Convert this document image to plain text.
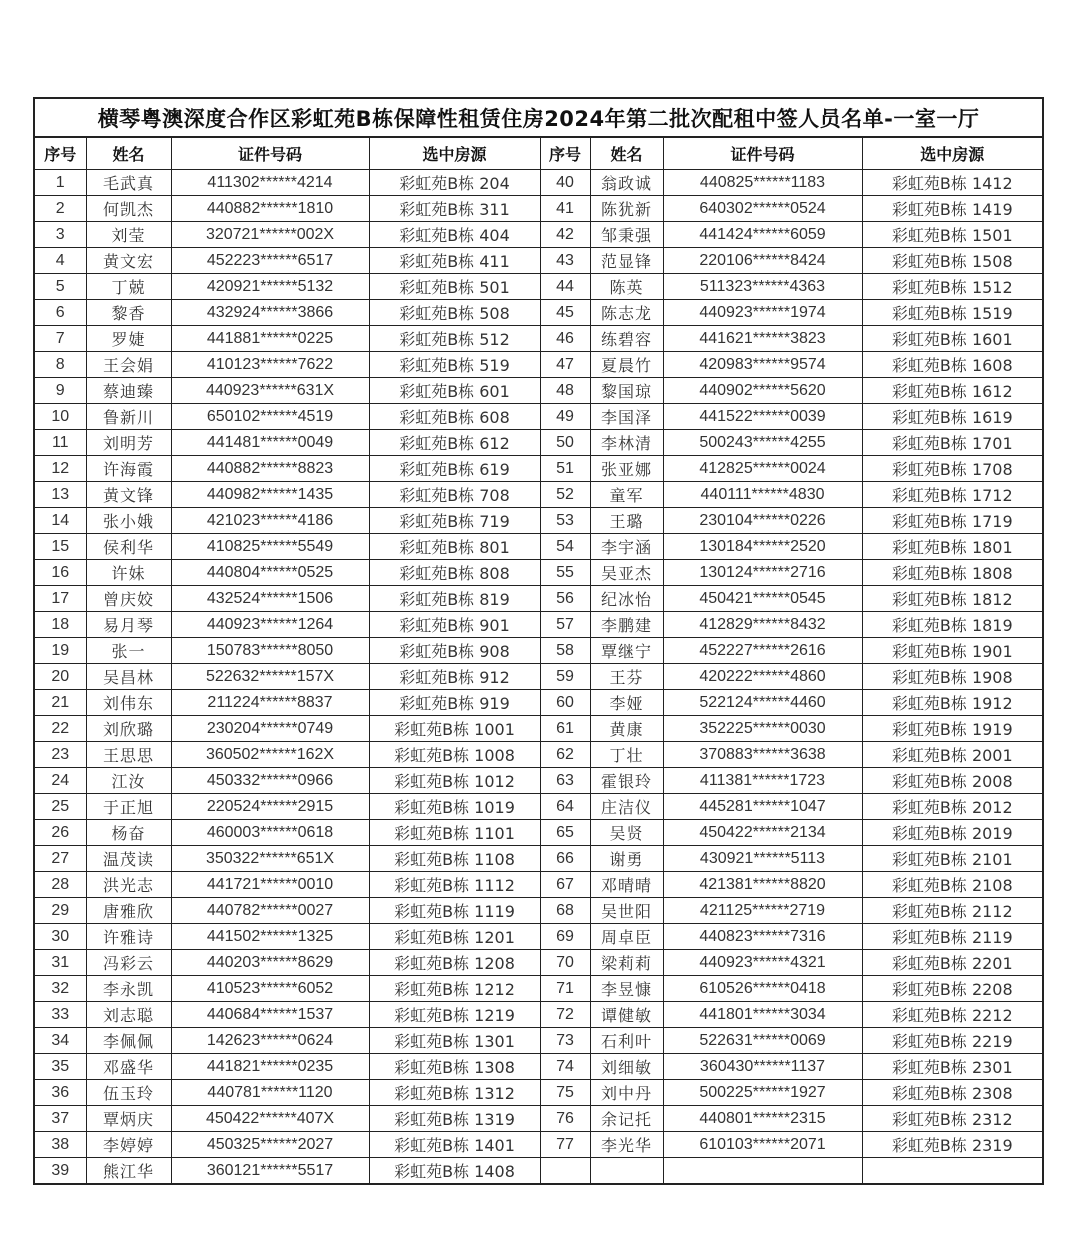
横琴粤澳深度合作区彩虹苑B栋保障性租赁住房2024年第二批次配租中签人员名单-一室一厅							
序号	姓名	证件号码	选中房源	序号	姓名	证件号码	选中房源
1	毛武真	411302******4214	彩虹苑B栋 204	40	翁政诚	440825******1183	彩虹苑B栋 1412
2	何凯杰	440882******1810	彩虹苑B栋 311	41	陈犹新	640302******0524	彩虹苑B栋 1419
3	刘莹	320721******002X	彩虹苑B栋 404	42	邹秉强	441424******6059	彩虹苑B栋 1501
4	黄文宏	452223******6517	彩虹苑B栋 411	43	范显锋	220106******8424	彩虹苑B栋 1508
5	丁兢	420921******5132	彩虹苑B栋 501	44	陈英	511323******4363	彩虹苑B栋 1512
6	黎香	432924******3866	彩虹苑B栋 508	45	陈志龙	440923******1974	彩虹苑B栋 1519
7	罗婕	441881******0225	彩虹苑B栋 512	46	练碧容	441621******3823	彩虹苑B栋 1601
8	王会娟	410123******7622	彩虹苑B栋 519	47	夏晨竹	420983******9574	彩虹苑B栋 1608
9	蔡迪臻	440923******631X	彩虹苑B栋 601	48	黎国琼	440902******5620	彩虹苑B栋 1612
10	鲁新川	650102******4519	彩虹苑B栋 608	49	李国泽	441522******0039	彩虹苑B栋 1619
11	刘明芳	441481******0049	彩虹苑B栋 612	50	李林清	500243******4255	彩虹苑B栋 1701
12	许海霞	440882******8823	彩虹苑B栋 619	51	张亚娜	412825******0024	彩虹苑B栋 1708
13	黄文锋	440982******1435	彩虹苑B栋 708	52	童军	440111******4830	彩虹苑B栋 1712
14	张小娥	421023******4186	彩虹苑B栋 719	53	王璐	230104******0226	彩虹苑B栋 1719
15	侯利华	410825******5549	彩虹苑B栋 801	54	李宇涵	130184******2520	彩虹苑B栋 1801
16	许妹	440804******0525	彩虹苑B栋 808	55	吴亚杰	130124******2716	彩虹苑B栋 1808
17	曾庆姣	432524******1506	彩虹苑B栋 819	56	纪冰怡	450421******0545	彩虹苑B栋 1812
18	易月琴	440923******1264	彩虹苑B栋 901	57	李鹏建	412829******8432	彩虹苑B栋 1819
19	张一	150783******8050	彩虹苑B栋 908	58	覃继宁	452227******2616	彩虹苑B栋 1901
20	吴昌林	522632******157X	彩虹苑B栋 912	59	王芬	420222******4860	彩虹苑B栋 1908
21	刘伟东	211224******8837	彩虹苑B栋 919	60	李娅	522124******4460	彩虹苑B栋 1912
22	刘欣璐	230204******0749	彩虹苑B栋 1001	61	黄康	352225******0030	彩虹苑B栋 1919
23	王思思	360502******162X	彩虹苑B栋 1008	62	丁壮	370883******3638	彩虹苑B栋 2001
24	江汝	450332******0966	彩虹苑B栋 1012	63	霍银玲	411381******1723	彩虹苑B栋 2008
25	于正旭	220524******2915	彩虹苑B栋 1019	64	庄洁仪	445281******1047	彩虹苑B栋 2012
26	杨奋	460003******0618	彩虹苑B栋 1101	65	吴贤	450422******2134	彩虹苑B栋 2019
27	温茂读	350322******651X	彩虹苑B栋 1108	66	谢勇	430921******5113	彩虹苑B栋 2101
28	洪光志	441721******0010	彩虹苑B栋 1112	67	邓晴晴	421381******8820	彩虹苑B栋 2108
29	唐雅欣	440782******0027	彩虹苑B栋 1119	68	吴世阳	421125******2719	彩虹苑B栋 2112
30	许雅诗	441502******1325	彩虹苑B栋 1201	69	周卓臣	440823******7316	彩虹苑B栋 2119
31	冯彩云	440203******8629	彩虹苑B栋 1208	70	梁莉莉	440923******4321	彩虹苑B栋 2201
32	李永凯	410523******6052	彩虹苑B栋 1212	71	李昱慷	610526******0418	彩虹苑B栋 2208
33	刘志聪	440684******1537	彩虹苑B栋 1219	72	谭健敏	441801******3034	彩虹苑B栋 2212
34	李佩佩	142623******0624	彩虹苑B栋 1301	73	石利叶	522631******0069	彩虹苑B栋 2219
35	邓盛华	441821******0235	彩虹苑B栋 1308	74	刘细敏	360430******1137	彩虹苑B栋 2301
36	伍玉玲	440781******1120	彩虹苑B栋 1312	75	刘中丹	500225******1927	彩虹苑B栋 2308
37	覃炳庆	450422******407X	彩虹苑B栋 1319	76	余记托	440801******2315	彩虹苑B栋 2312
38	李婷婷	450325******2027	彩虹苑B栋 1401	77	李光华	610103******2071	彩虹苑B栋 2319
39	熊江华	360121******5517	彩虹苑B栋 1408				
